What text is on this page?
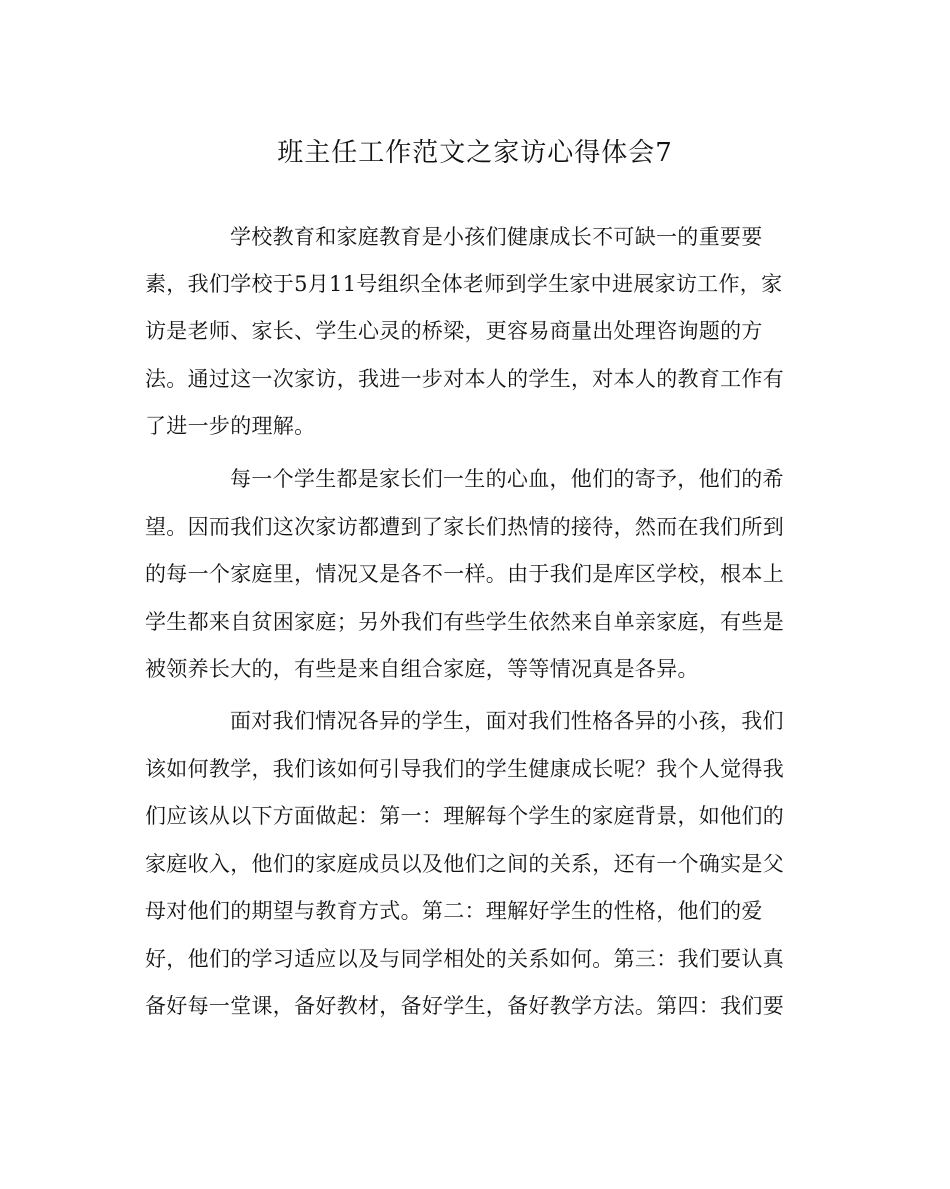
班主任工作范文之家访心得体会7

学校教育和家庭教育是小孩们健康成长不可缺一的重要要

素，我们学校于5月11号组织全体老师到学生家中进展家访工作，家

访是老师、家长、学生心灵的桥梁，更容易商量出处理咨询题的方

法。通过这一次家访，我进一步对本人的学生，对本人的教育工作有

了进一步的理解。

每一个学生都是家长们一生的心血，他们的寄予，他们的希

望。因而我们这次家访都遭到了家长们热情的接待，然而在我们所到

的每一个家庭里，情况又是各不一样。由于我们是库区学校，根本上

学生都来自贫困家庭；另外我们有些学生依然来自单亲家庭，有些是

被领养长大的，有些是来自组合家庭，等等情况真是各异。

面对我们情况各异的学生，面对我们性格各异的小孩，我们

该如何教学，我们该如何引导我们的学生健康成长呢？我个人觉得我

们应该从以下方面做起：第一：理解每个学生的家庭背景，如他们的

家庭收入，他们的家庭成员以及他们之间的关系，还有一个确实是父

母对他们的期望与教育方式。第二：理解好学生的性格，他们的爱

好，他们的学习适应以及与同学相处的关系如何。第三：我们要认真

备好每一堂课，备好教材，备好学生，备好教学方法。第四：我们要
